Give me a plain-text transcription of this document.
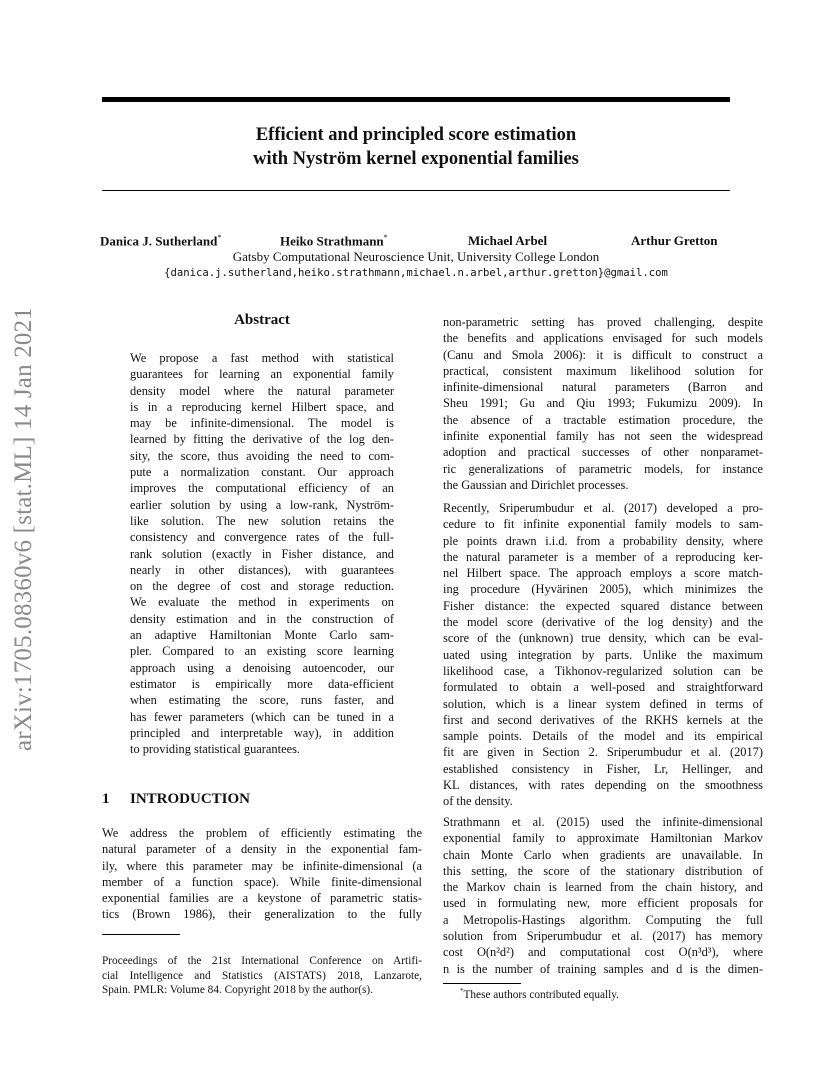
arXiv:1705.08360v6 [stat.ML] 14 Jan 2021
Efficient and principled score estimation
with Nyström kernel exponential families
Danica J. Sutherland*	Heiko Strathmann*	Michael Arbel	Arthur Gretton
Gatsby Computational Neuroscience Unit, University College London
{danica.j.sutherland,heiko.strathmann,michael.n.arbel,arthur.gretton}@gmail.com
Abstract
We propose a fast method with statistical
guarantees for learning an exponential family
density model where the natural parameter
is in a reproducing kernel Hilbert space, and
may be infinite-dimensional. The model is
learned by fitting the derivative of the log den-
sity, the score, thus avoiding the need to com-
pute a normalization constant. Our approach
improves the computational efficiency of an
earlier solution by using a low-rank, Nyström-
like solution. The new solution retains the
consistency and convergence rates of the full-
rank solution (exactly in Fisher distance, and
nearly in other distances), with guarantees
on the degree of cost and storage reduction.
We evaluate the method in experiments on
density estimation and in the construction of
an adaptive Hamiltonian Monte Carlo sam-
pler. Compared to an existing score learning
approach using a denoising autoencoder, our
estimator is empirically more data-efficient
when estimating the score, runs faster, and
has fewer parameters (which can be tuned in a
principled and interpretable way), in addition
to providing statistical guarantees.
1 INTRODUCTION
We address the problem of efficiently estimating the
natural parameter of a density in the exponential fam-
ily, where this parameter may be infinite-dimensional (a
member of a function space). While finite-dimensional
exponential families are a keystone of parametric statis-
tics (Brown 1986), their generalization to the fully
Proceedings of the 21st International Conference on Artifi-
cial Intelligence and Statistics (AISTATS) 2018, Lanzarote,
Spain. PMLR: Volume 84. Copyright 2018 by the author(s).
non-parametric setting has proved challenging, despite
the benefits and applications envisaged for such models
(Canu and Smola 2006): it is difficult to construct a
practical, consistent maximum likelihood solution for
infinite-dimensional natural parameters (Barron and
Sheu 1991; Gu and Qiu 1993; Fukumizu 2009). In
the absence of a tractable estimation procedure, the
infinite exponential family has not seen the widespread
adoption and practical successes of other nonparamet-
ric generalizations of parametric models, for instance
the Gaussian and Dirichlet processes.
Recently, Sriperumbudur et al. (2017) developed a pro-
cedure to fit infinite exponential family models to sam-
ple points drawn i.i.d. from a probability density, where
the natural parameter is a member of a reproducing ker-
nel Hilbert space. The approach employs a score match-
ing procedure (Hyvärinen 2005), which minimizes the
Fisher distance: the expected squared distance between
the model score (derivative of the log density) and the
score of the (unknown) true density, which can be eval-
uated using integration by parts. Unlike the maximum
likelihood case, a Tikhonov-regularized solution can be
formulated to obtain a well-posed and straightforward
solution, which is a linear system defined in terms of
first and second derivatives of the RKHS kernels at the
sample points. Details of the model and its empirical
fit are given in Section 2. Sriperumbudur et al. (2017)
established consistency in Fisher, Lr, Hellinger, and
KL distances, with rates depending on the smoothness
of the density.
Strathmann et al. (2015) used the infinite-dimensional
exponential family to approximate Hamiltonian Markov
chain Monte Carlo when gradients are unavailable. In
this setting, the score of the stationary distribution of
the Markov chain is learned from the chain history, and
used in formulating new, more efficient proposals for
a Metropolis-Hastings algorithm. Computing the full
solution from Sriperumbudur et al. (2017) has memory
cost O(n²d²) and computational cost O(n³d³), where
n is the number of training samples and d is the dimen-
*These authors contributed equally.
